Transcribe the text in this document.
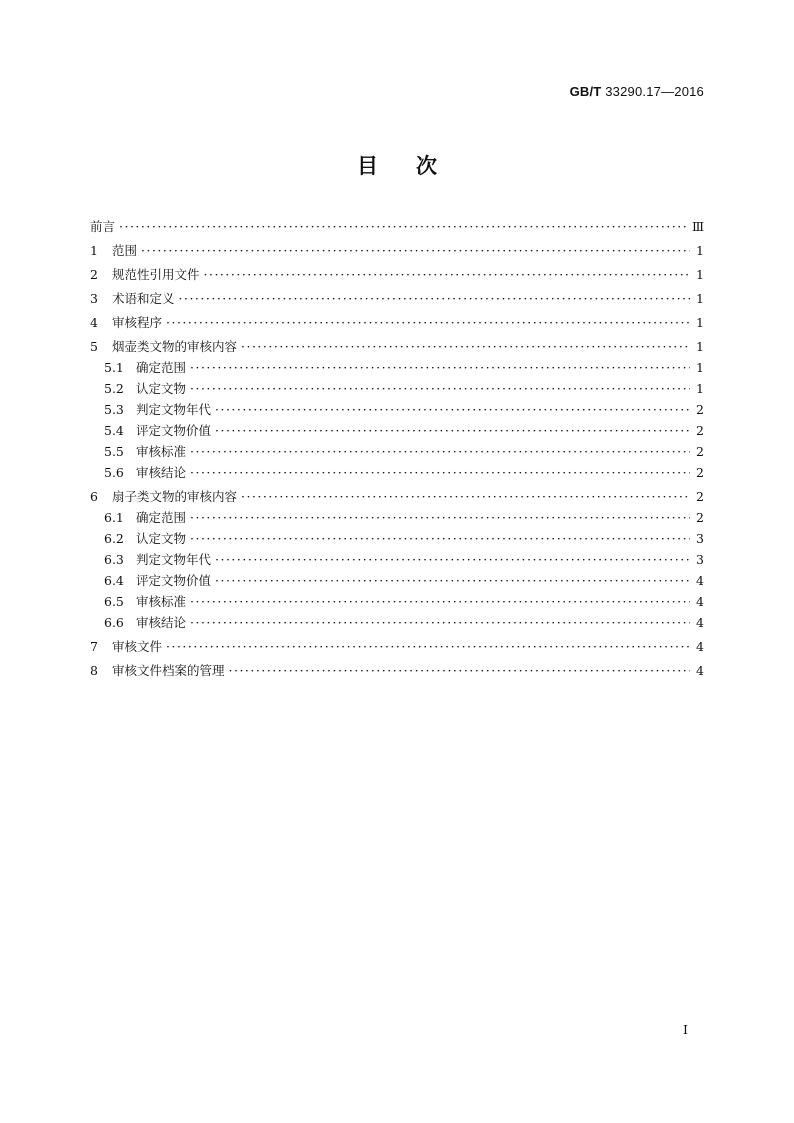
GB/T 33290.17—2016
目次
前言 ·····	Ⅲ
1	范围 ·····	1
2	规范性引用文件 ·····	1
3	术语和定义 ·····	1
4	审核程序 ·····	1
5	烟壶类文物的审核内容 ·····	1
5.1 确定范围 ·····	1
5.2 认定文物 ·····	1
5.3 判定文物年代 ·····	2
5.4 评定文物价值 ·····	2
5.5 审核标准 ·····	2
5.6 审核结论 ·····	2
6	扇子类文物的审核内容 ·····	2
6.1 确定范围 ·····	2
6.2 认定文物 ·····	3
6.3 判定文物年代 ·····	3
6.4 评定文物价值 ·····	4
6.5 审核标准 ·····	4
6.6 审核结论 ·····	4
7	审核文件 ·····	4
8	审核文件档案的管理 ·····	4
I
